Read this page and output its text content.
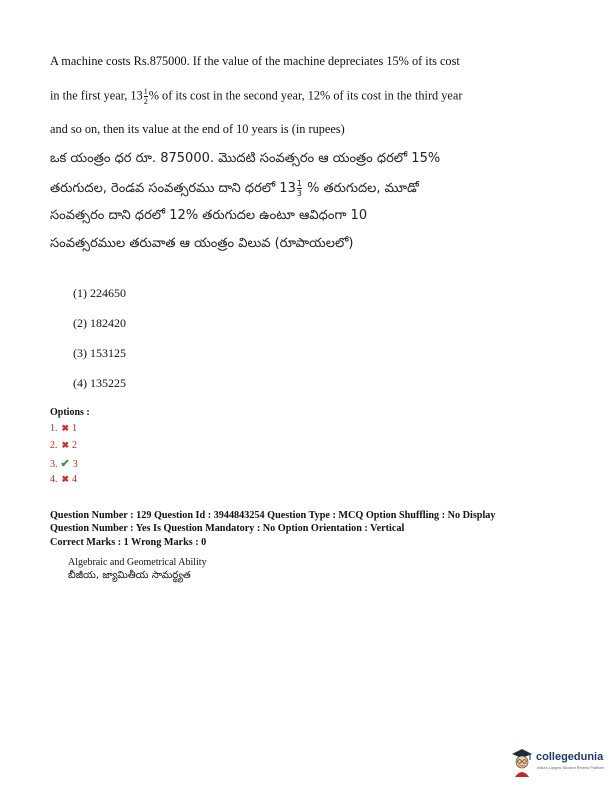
A machine costs Rs.875000. If the value of the machine depreciates 15% of its cost
in the first year, $13 \frac{1}{2}\%$ of its cost in the second year, 12% of its cost in the third year
and so on, then its value at the end of 10 years is (in rupees)
ఒక యంత్రం ధర రూ. 875000. మొదటి సంవత్సరం ఆ యంత్రం ధరలో 15%
తరుగుదల, రెండవ సంవత్సరము దాని ధరలో $13 \frac{1}{3}$ % తరుగుదల, మూడో
సంవత్సరం దాని ధరలో 12% తరుగుదల ఉంటూ ఆవిధంగా 10
సంవత్సరముల తరువాత ఆ యంత్రం విలువ (రూపాయలలో)
(1) 224650
(2) 182420
(3) 153125
(4) 135225
Options :
1. ✖ 1
2. ✖ 2
3. ✔ 3
4. ✖ 4
Question Number : 129 Question Id : 3944843254 Question Type : MCQ Option Shuffling : No Display
Question Number : Yes Is Question Mandatory : No Option Orientation : Vertical
Correct Marks : 1 Wrong Marks : 0
Algebraic and Geometrical Ability
బీజీయ, జ్యామితీయ సామర్థ్యత
collegedunia
India's Largest Student Review Platform
